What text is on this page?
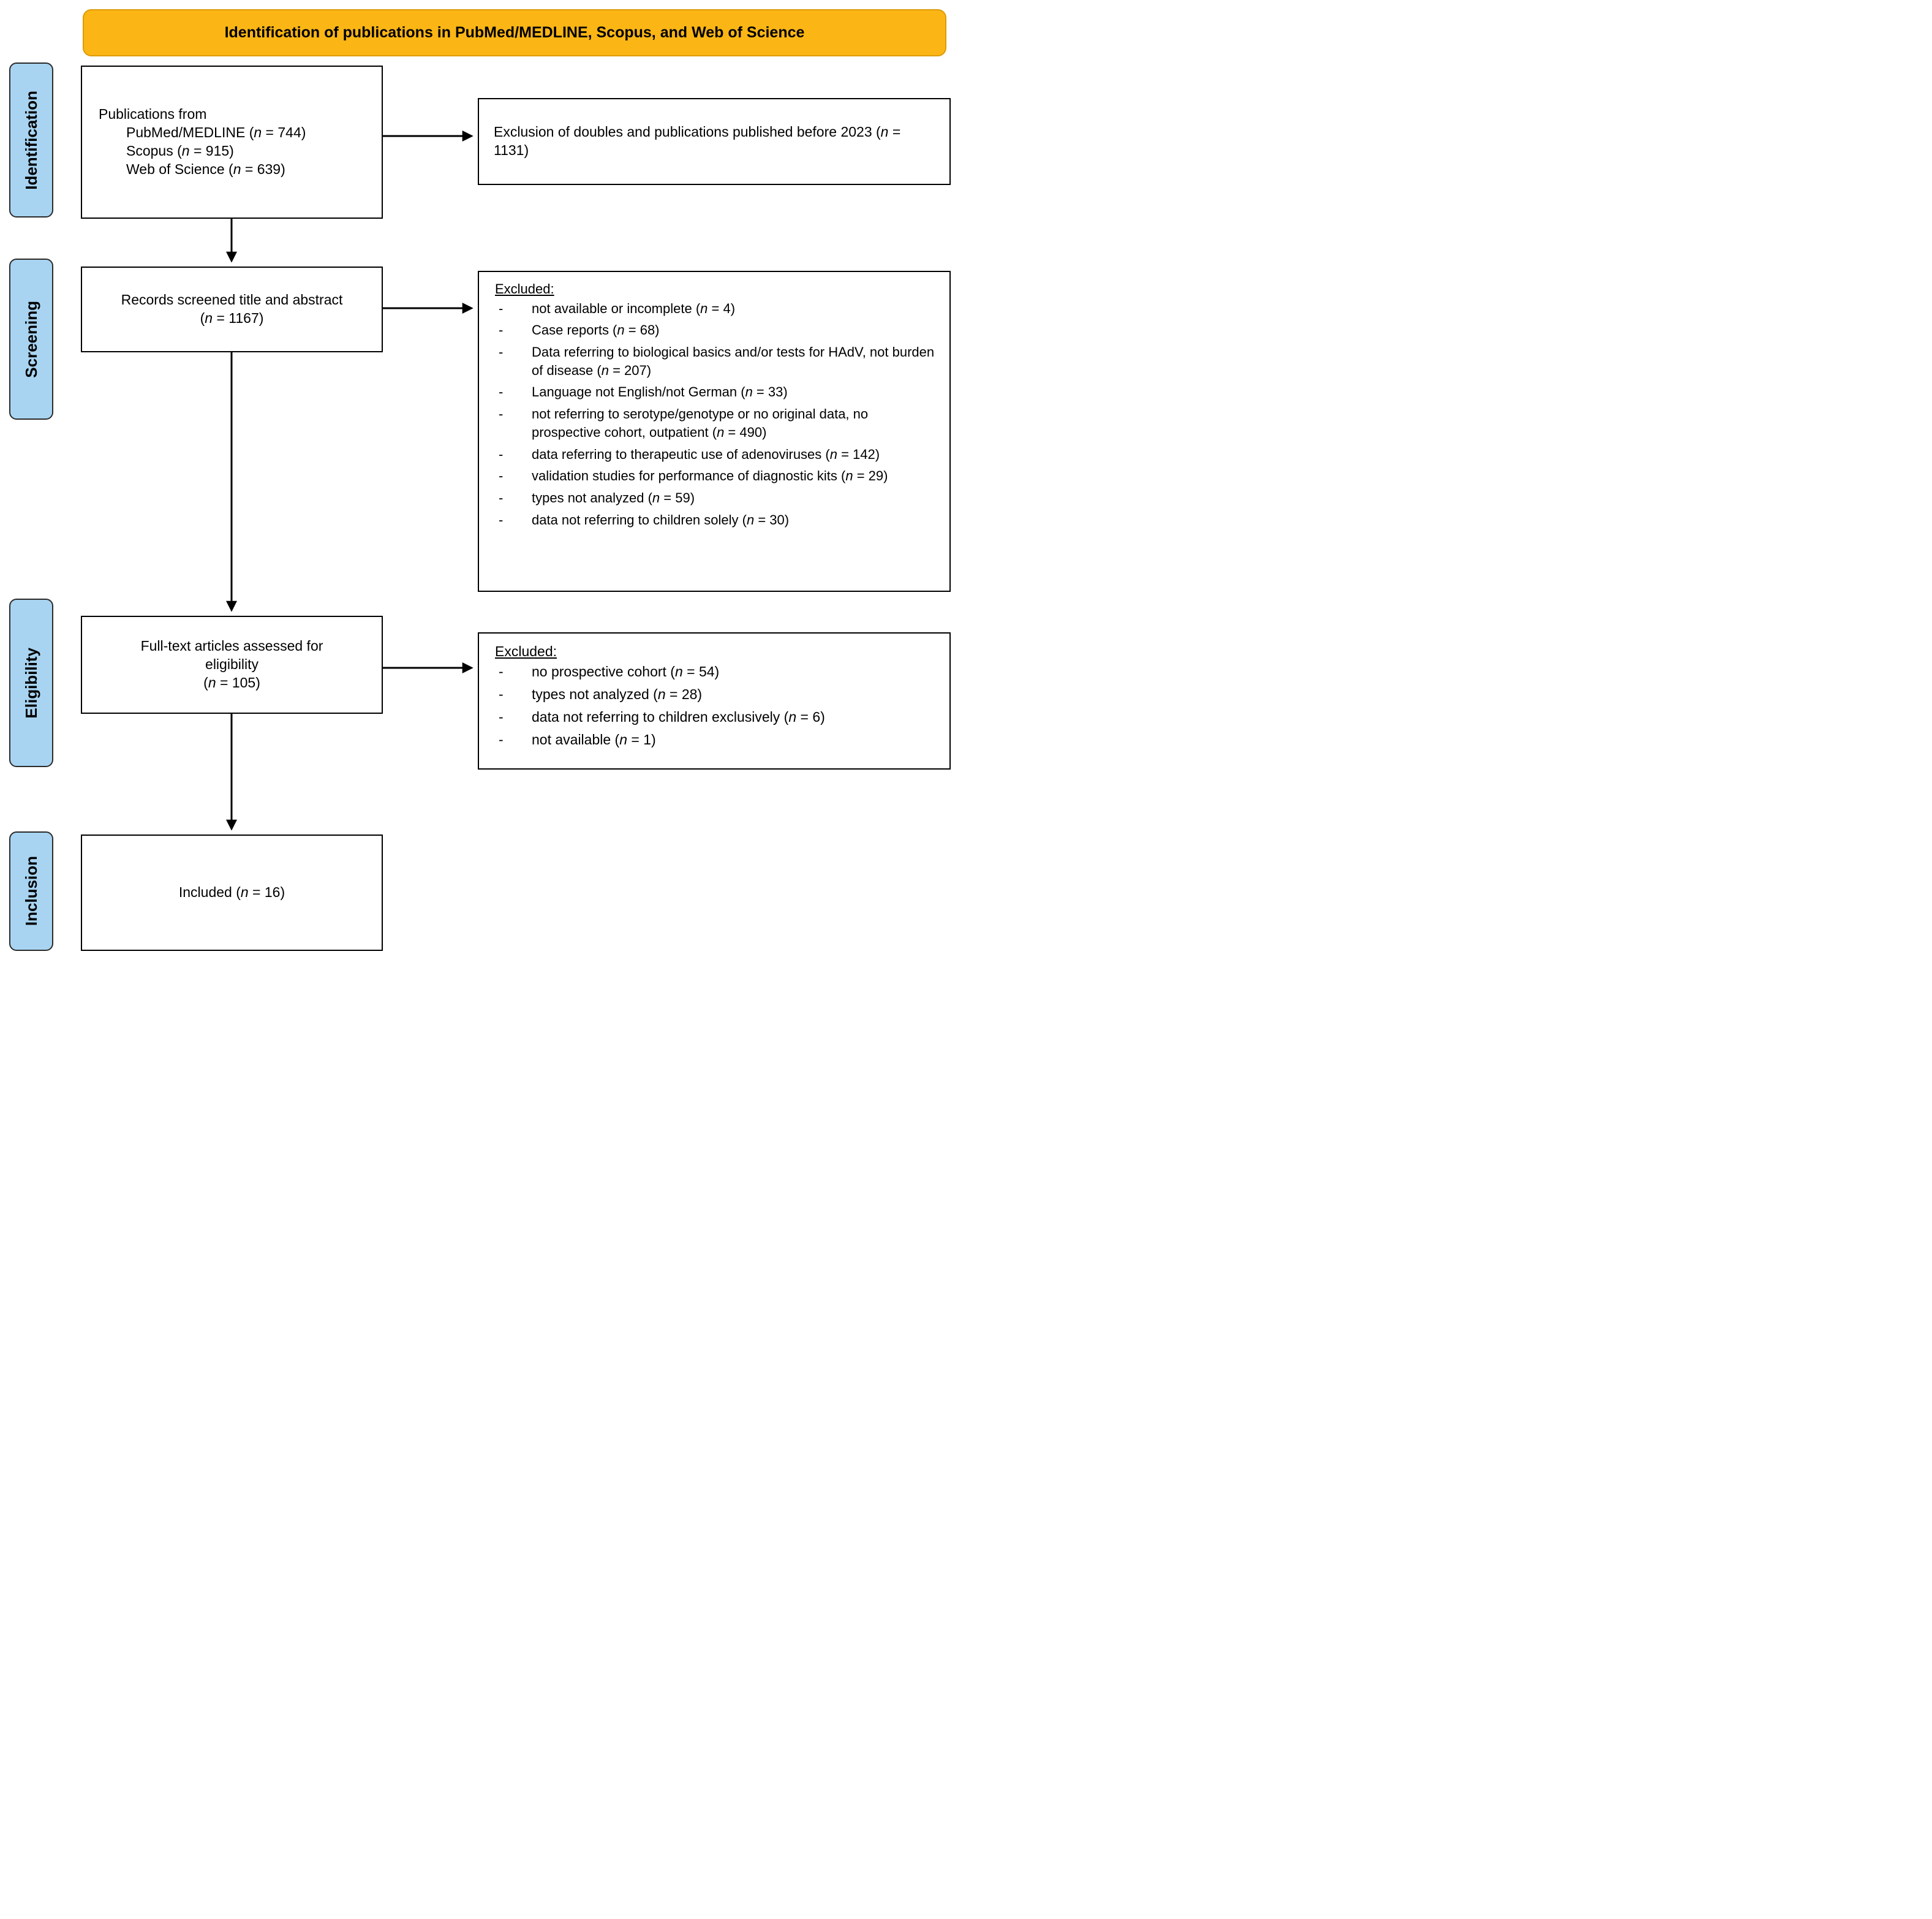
Identification of publications in PubMed/MEDLINE, Scopus, and Web of Science
Identification
Screening
Eligibility
Inclusion
Publications from
PubMed/MEDLINE (n = 744)
Scopus (n = 915)
Web of Science (n = 639)
Records screened title and abstract
(n = 1167)
Full-text articles assessed for eligibility
(n = 105)
Included (n = 16)
Exclusion of doubles and publications published before 2023 (n = 1131)
Excluded:
- not available or incomplete (n = 4)
- Case reports (n = 68)
- Data referring to biological basics and/or tests for HAdV, not burden of disease (n = 207)
- Language not English/not German (n = 33)
- not referring to serotype/genotype or no original data, no prospective cohort, outpatient (n = 490)
- data referring to therapeutic use of adenoviruses (n = 142)
- validation studies for performance of diagnostic kits (n = 29)
- types not analyzed (n = 59)
- data not referring to children solely (n = 30)
Excluded:
- no prospective cohort (n = 54)
- types not analyzed (n = 28)
- data not referring to children exclusively (n = 6)
- not available (n = 1)
